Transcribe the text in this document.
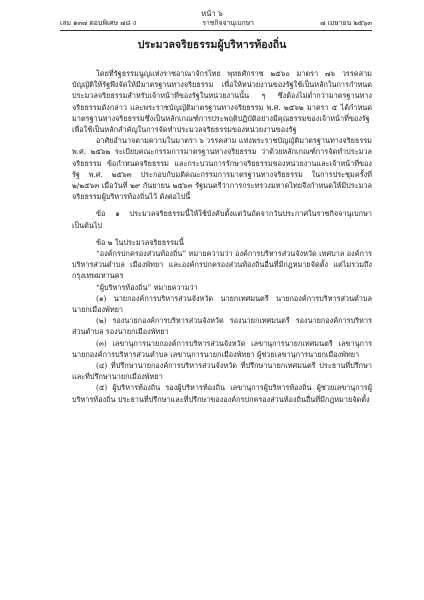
หน้า ๖
เล่ม ๑๓๗ ตอนพิเศษ ๗๘ ง	ราชกิจจานุเบกษา	๗ เมษายน ๒๕๖๓
ประมวลจริยธรรมผู้บริหารท้องถิ่น

โดยที่รัฐธรรมนูญแห่งราชอาณาจักรไทย พุทธศักราช ๒๕๖๐ มาตรา ๗๖ วรรคสาม บัญญัติให้รัฐพึงจัดให้มีมาตรฐานทางจริยธรรม เพื่อให้หน่วยงานของรัฐใช้เป็นหลักในการกำหนดประมวลจริยธรรมสำหรับเจ้าหน้าที่ของรัฐในหน่วยงานนั้น ๆ ซึ่งต้องไม่ต่ำกว่ามาตรฐานทางจริยธรรมดังกล่าว และพระราชบัญญัติมาตรฐานทางจริยธรรม พ.ศ. ๒๕๖๒ มาตรา ๕ ได้กำหนดมาตรฐานทางจริยธรรมซึ่งเป็นหลักเกณฑ์การประพฤติปฏิบัติอย่างมีคุณธรรมของเจ้าหน้าที่ของรัฐ เพื่อใช้เป็นหลักสำคัญในการจัดทำประมวลจริยธรรมของหน่วยงานของรัฐ

อาศัยอำนาจตามความในมาตรา ๖ วรรคสาม แห่งพระราชบัญญัติมาตรฐานทางจริยธรรม พ.ศ. ๒๕๖๒ ระเบียบคณะกรรมการมาตรฐานทางจริยธรรม ว่าด้วยหลักเกณฑ์การจัดทำประมวลจริยธรรม ข้อกำหนดจริยธรรม และกระบวนการรักษาจริยธรรมของหน่วยงานและเจ้าหน้าที่ของรัฐ พ.ศ. ๒๕๖๓ ประกอบกับมติคณะกรรมการมาตรฐานทางจริยธรรม ในการประชุมครั้งที่ ๒/๒๕๖๓ เมื่อวันที่ ๒๙ กันยายน ๒๕๖๓ รัฐมนตรีว่าการกระทรวงมหาดไทยจึงกำหนดให้มีประมวลจริยธรรมผู้บริหารท้องถิ่นไว้ ดังต่อไปนี้

ข้อ ๑ ประมวลจริยธรรมนี้ให้ใช้บังคับตั้งแต่วันถัดจากวันประกาศในราชกิจจานุเบกษาเป็นต้นไป

ข้อ ๒ ในประมวลจริยธรรมนี้

“องค์กรปกครองส่วนท้องถิ่น” หมายความว่า องค์การบริหารส่วนจังหวัด เทศบาล องค์การบริหารส่วนตำบล เมืองพัทยา และองค์กรปกครองส่วนท้องถิ่นอื่นที่มีกฎหมายจัดตั้ง แต่ไม่รวมถึงกรุงเทพมหานคร

“ผู้บริหารท้องถิ่น” หมายความว่า

(๑) นายกองค์การบริหารส่วนจังหวัด นายกเทศมนตรี นายกองค์การบริหารส่วนตำบล นายกเมืองพัทยา

(๒) รองนายกองค์การบริหารส่วนจังหวัด รองนายกเทศมนตรี รองนายกองค์การบริหารส่วนตำบล รองนายกเมืองพัทยา

(๓) เลขานุการนายกองค์การบริหารส่วนจังหวัด เลขานุการนายกเทศมนตรี เลขานุการนายกองค์การบริหารส่วนตำบล เลขานุการนายกเมืองพัทยา ผู้ช่วยเลขานุการนายกเมืองพัทยา

(๔) ที่ปรึกษานายกองค์การบริหารส่วนจังหวัด ที่ปรึกษานายกเทศมนตรี ประธานที่ปรึกษา และที่ปรึกษานายกเมืองพัทยา

(๕) ผู้บริหารท้องถิ่น รองผู้บริหารท้องถิ่น เลขานุการผู้บริหารท้องถิ่น ผู้ช่วยเลขานุการผู้บริหารท้องถิ่น ประธานที่ปรึกษาและที่ปรึกษาขององค์กรปกครองส่วนท้องถิ่นอื่นที่มีกฎหมายจัดตั้ง
